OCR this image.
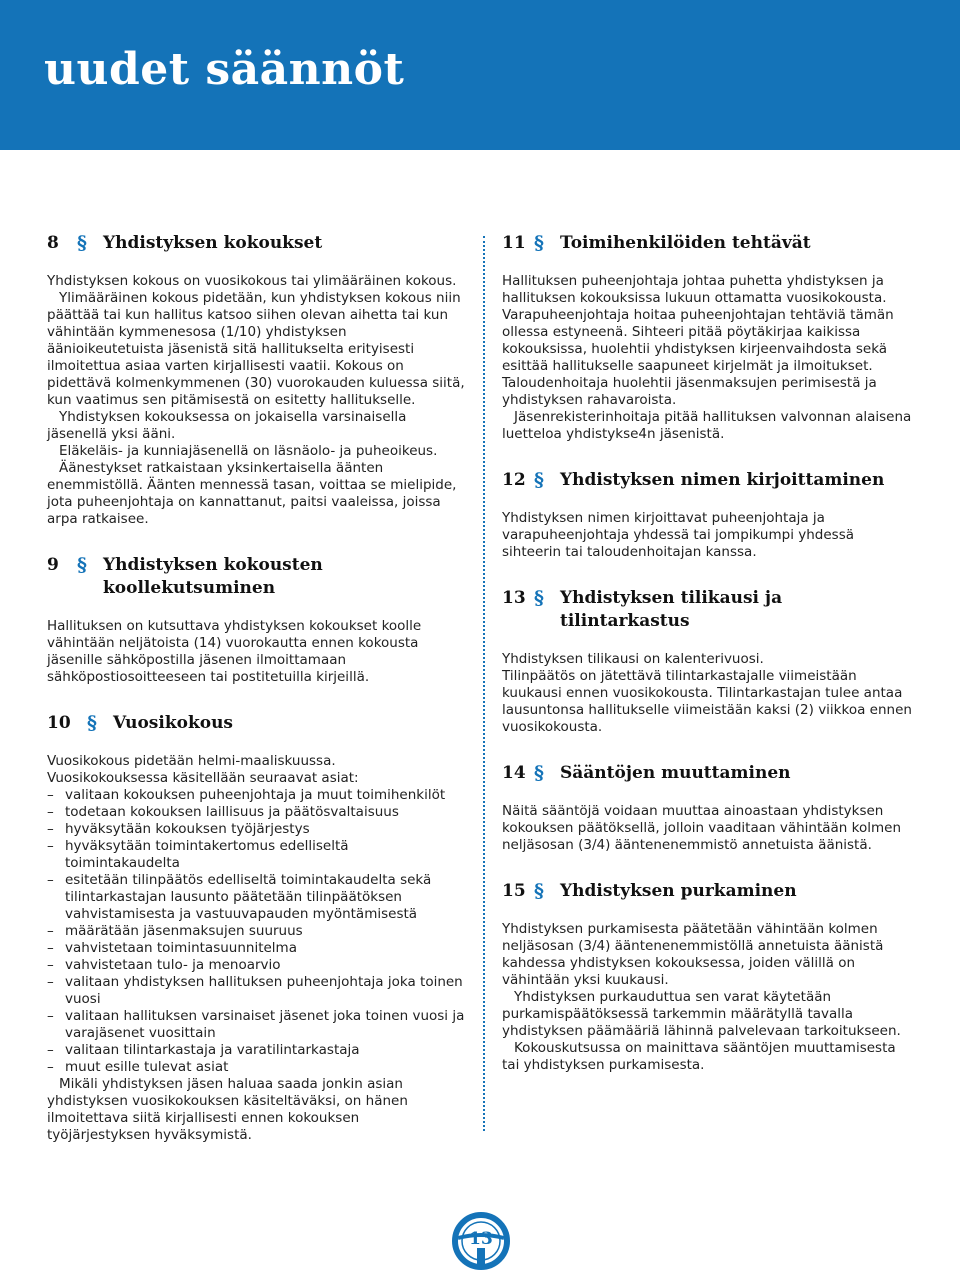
uudet säännöt
8 § Yhdistyksen kokoukset

Yhdistyksen kokous on vuosikokous tai ylimääräinen kokous.

Ylimääräinen kokous pidetään, kun yhdistyksen kokous niin päättää tai kun hallitus katsoo siihen olevan aihetta tai kun vähintään kymmenesosa (1/10) yhdistyksen äänioikeutetuista jäsenistä sitä hallitukselta erityisesti ilmoitettua asiaa varten kirjallisesti vaatii. Kokous on pidettävä kolmenkymmenen (30) vuorokauden kuluessa siitä, kun vaatimus sen pitämisestä on esitetty hallitukselle.

Yhdistyksen kokouksessa on jokaisella varsinaisella jäsenellä yksi ääni.

Eläkeläis- ja kunniajäsenellä on läsnäolo- ja puheoikeus.

Äänestykset ratkaistaan yksinkertaisella äänten enemmistöllä. Äänten mennessä tasan, voittaa se mielipide, jota puheenjohtaja on kannattanut, paitsi vaaleissa, joissa arpa ratkaisee.

9 § Yhdistyksen kokousten koollekutsuminen

Hallituksen on kutsuttava yhdistyksen kokoukset koolle vähintään neljätoista (14) vuorokautta ennen kokousta jäsenille sähköpostilla jäsenen ilmoittamaan sähköpostiosoitteeseen tai postitetuilla kirjeillä.

10 § Vuosikokous

Vuosikokous pidetään helmi-maaliskuussa.

Vuosikokouksessa käsitellään seuraavat asiat:

– valitaan kokouksen puheenjohtaja ja muut toimihenkilöt
– todetaan kokouksen laillisuus ja päätösvaltaisuus
– hyväksytään kokouksen työjärjestys
– hyväksytään toimintakertomus edelliseltä toimintakaudelta
– esitetään tilinpäätös edelliseltä toimintakaudelta sekä tilintarkastajan lausunto päätetään tilinpäätöksen vahvistamisesta ja vastuuvapauden myöntämisestä
– määrätään jäsenmaksujen suuruus
– vahvistetaan toimintasuunnitelma
– vahvistetaan tulo- ja menoarvio
– valitaan yhdistyksen hallituksen puheenjohtaja joka toinen vuosi
– valitaan hallituksen varsinaiset jäsenet joka toinen vuosi ja varajäsenet vuosittain
– valitaan tilintarkastaja ja varatilintarkastaja
– muut esille tulevat asiat

Mikäli yhdistyksen jäsen haluaa saada jonkin asian yhdistyksen vuosikokouksen käsiteltäväksi, on hänen ilmoitettava siitä kirjallisesti ennen kokouksen työjärjestyksen hyväksymistä.

11 § Toimihenkilöiden tehtävät

Hallituksen puheenjohtaja johtaa puhetta yhdistyksen ja hallituksen kokouksissa lukuun ottamatta vuosikokousta. Varapuheenjohtaja hoitaa puheenjohtajan tehtäviä tämän ollessa estyneenä. Sihteeri pitää pöytäkirjaa kaikissa kokouksissa, huolehtii yhdistyksen kirjeenvaihdosta sekä esittää hallitukselle saapuneet kirjelmät ja ilmoitukset. Taloudenhoitaja huolehtii jäsenmaksujen perimisestä ja yhdistyksen rahavaroista.

Jäsenrekisterinhoitaja pitää hallituksen valvonnan alaisena luetteloa yhdistykse4n jäsenistä.

12 § Yhdistyksen nimen kirjoittaminen

Yhdistyksen nimen kirjoittavat puheenjohtaja ja varapuheenjohtaja yhdessä tai jompikumpi yhdessä sihteerin tai taloudenhoitajan kanssa.

13 § Yhdistyksen tilikausi ja tilintarkastus

Yhdistyksen tilikausi on kalenterivuosi.

Tilinpäätös on jätettävä tilintarkastajalle viimeistään kuukausi ennen vuosikokousta. Tilintarkastajan tulee antaa lausuntonsa hallitukselle viimeistään kaksi (2) viikkoa ennen vuosikokousta.

14 § Sääntöjen muuttaminen

Näitä sääntöjä voidaan muuttaa ainoastaan yhdistyksen kokouksen päätöksellä, jolloin vaaditaan vähintään kolmen neljäsosan (3/4) ääntenenemmistö annetuista äänistä.

15 § Yhdistyksen purkaminen

Yhdistyksen purkamisesta päätetään vähintään kolmen neljäsosan (3/4) ääntenenemmistöllä annetuista äänistä kahdessa yhdistyksen kokouksessa, joiden välillä on vähintään yksi kuukausi.

Yhdistyksen purkauduttua sen varat käytetään purkamispäätöksessä tarkemmin määrätyllä tavalla yhdistyksen päämääriä lähinnä palvelevaan tarkoitukseen.

Kokouskutsussa on mainittava sääntöjen muuttamisesta tai yhdistyksen purkamisesta.

13
